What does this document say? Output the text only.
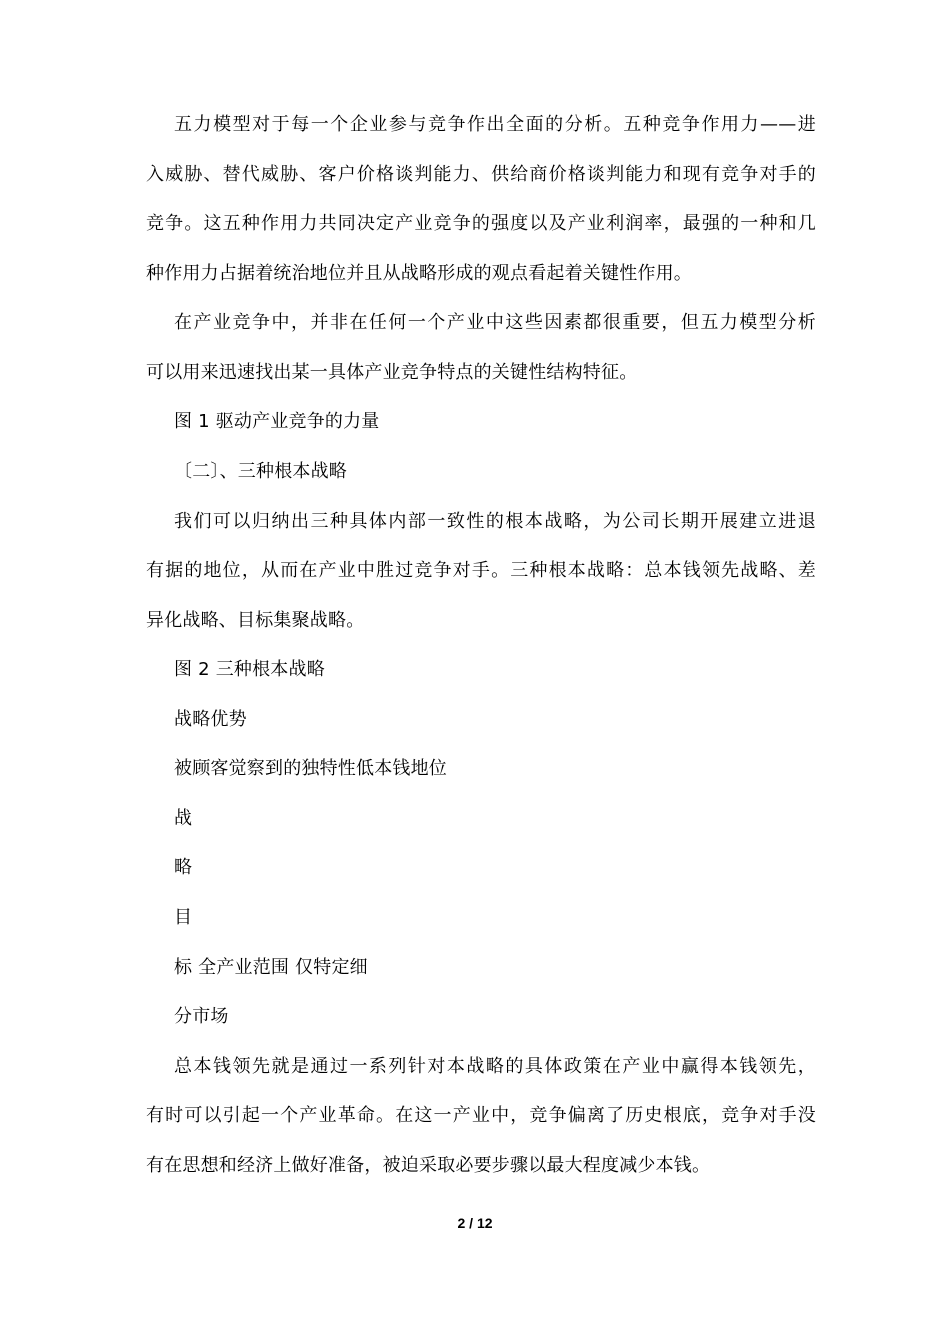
五力模型对于每一个企业参与竞争作出全面的分析。五种竞争作用力——进
入威胁、替代威胁、客户价格谈判能力、供给商价格谈判能力和现有竞争对手的
竞争。这五种作用力共同决定产业竞争的强度以及产业利润率，最强的一种和几
种作用力占据着统治地位并且从战略形成的观点看起着关键性作用。
在产业竞争中，并非在任何一个产业中这些因素都很重要，但五力模型分析
可以用来迅速找出某一具体产业竞争特点的关键性结构特征。
图 1 驱动产业竞争的力量
〔二〕、三种根本战略
我们可以归纳出三种具体内部一致性的根本战略，为公司长期开展建立进退
有据的地位，从而在产业中胜过竞争对手。三种根本战略：总本钱领先战略、差
异化战略、目标集聚战略。
图 2 三种根本战略
战略优势
被顾客觉察到的独特性低本钱地位
战
略
目
标 全产业范围 仅特定细
分市场
总本钱领先就是通过一系列针对本战略的具体政策在产业中赢得本钱领先，
有时可以引起一个产业革命。在这一产业中，竞争偏离了历史根底，竞争对手没
有在思想和经济上做好准备，被迫采取必要步骤以最大程度减少本钱。
2 / 12
